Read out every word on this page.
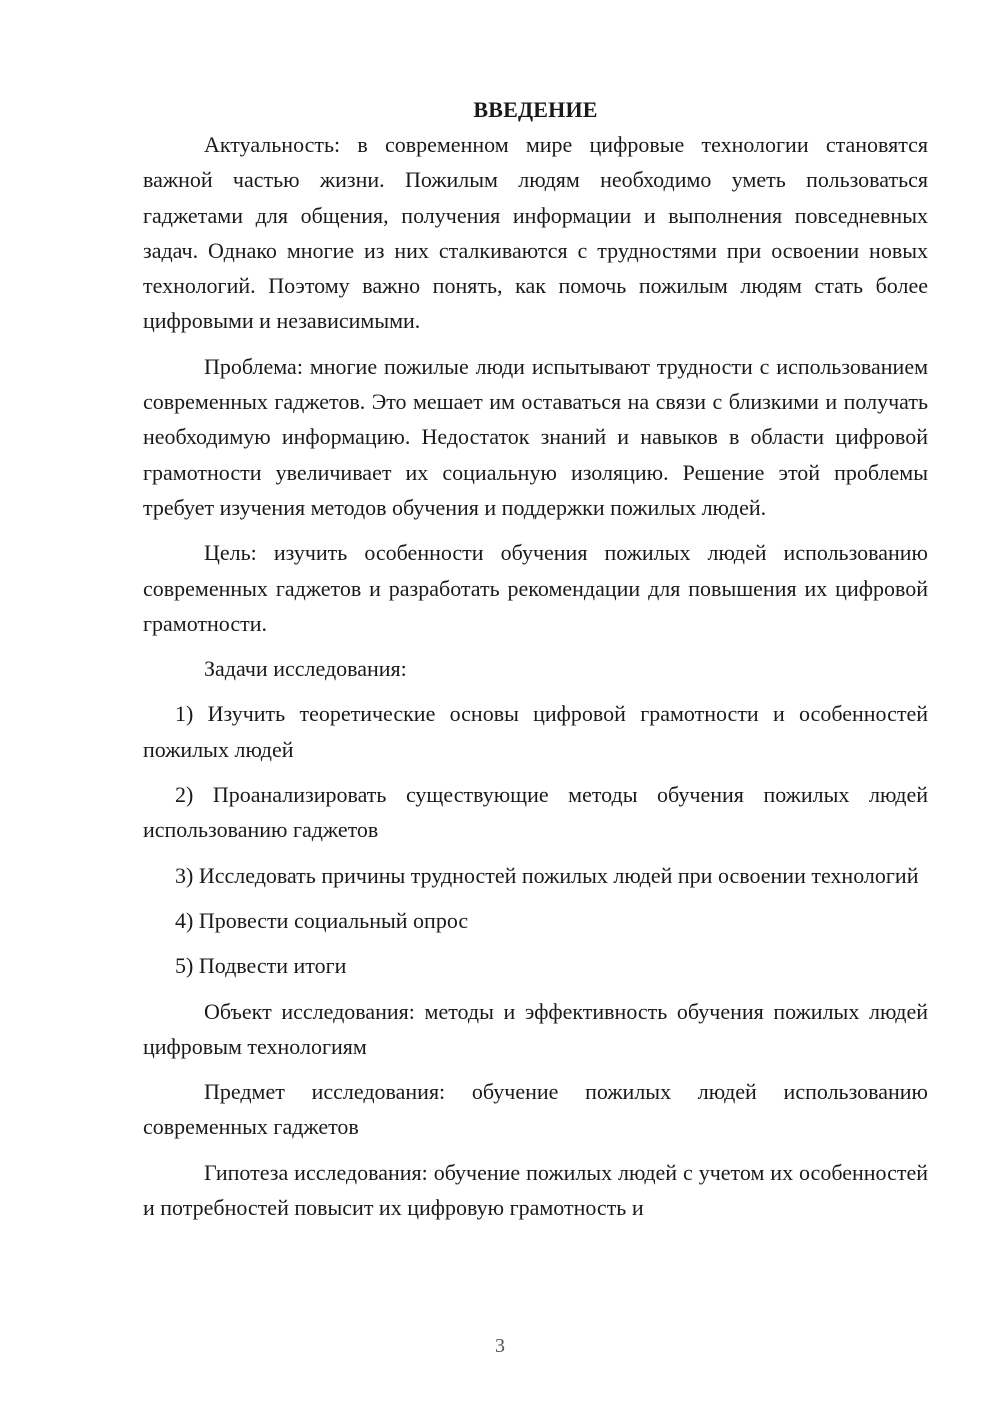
ВВЕДЕНИЕ

Актуальность: в современном мире цифровые технологии становятся важной частью жизни. Пожилым людям необходимо уметь пользоваться гаджетами для общения, получения информации и выполнения повседневных задач. Однако многие из них сталкиваются с трудностями при освоении новых технологий. Поэтому важно понять, как помочь пожилым людям стать более цифровыми и независимыми.

Проблема: многие пожилые люди испытывают трудности с использованием современных гаджетов. Это мешает им оставаться на связи с близкими и получать необходимую информацию. Недостаток знаний и навыков в области цифровой грамотности увеличивает их социальную изоляцию. Решение этой проблемы требует изучения методов обучения и поддержки пожилых людей.

Цель: изучить особенности обучения пожилых людей использованию современных гаджетов и разработать рекомендации для повышения их цифровой грамотности.

Задачи исследования:

1) Изучить теоретические основы цифровой грамотности и особенностей пожилых людей

2) Проанализировать существующие методы обучения пожилых людей использованию гаджетов

3) Исследовать причины трудностей пожилых людей при освоении технологий

4) Провести социальный опрос

5) Подвести итоги

Объект исследования: методы и эффективность обучения пожилых людей цифровым технологиям

Предмет исследования: обучение пожилых людей использованию современных гаджетов

Гипотеза исследования: обучение пожилых людей с учетом их особенностей и потребностей повысит их цифровую грамотность и

3
